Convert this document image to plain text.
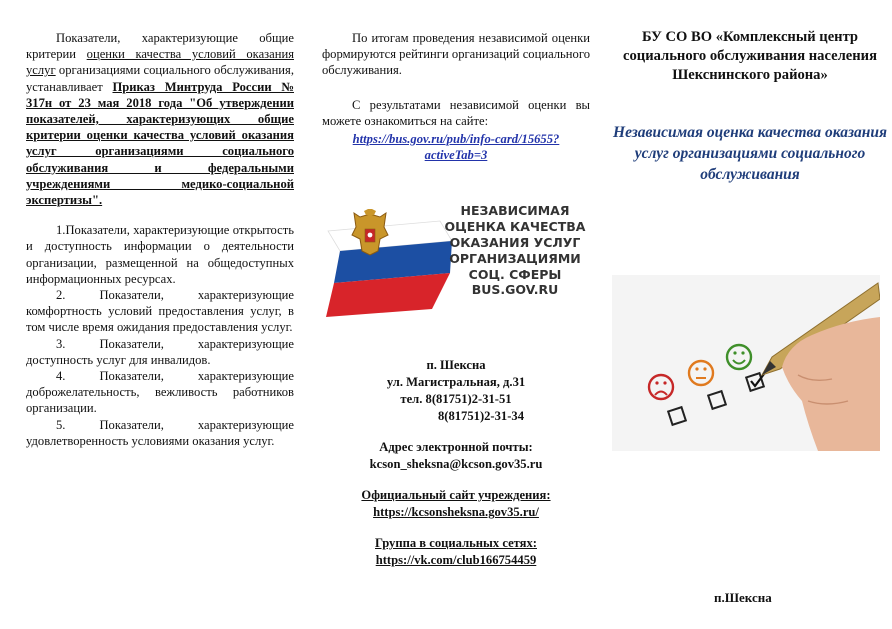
Показатели, характеризующие общие критерии оценки качества условий оказания услуг организациями социального обслуживания, устанавливает Приказ Минтруда России № 317н от 23 мая 2018 года "Об утверждении показателей, характеризующих общие критерии оценки качества условий оказания услуг организациями социального обслуживания и федеральными учреждениями медико-социальной экспертизы".

1.Показатели, характеризующие открытость и доступность информации о деятельности организации, размещенной на общедоступных информационных ресурсах.

2. Показатели, характеризующие комфортность условий предоставления услуг, в том числе время ожидания предоставления услуг.

3. Показатели, характеризующие доступность услуг для инвалидов.

4. Показатели, характеризующие доброжелательность, вежливость работников организации.

5. Показатели, характеризующие удовлетворенность условиями оказания услуг.

По итогам проведения независимой оценки формируются рейтинги организаций социального обслуживания.

С результатами независимой оценки вы можете ознакомиться на сайте:

https://bus.gov.ru/pub/info-card/15655?activeTab=3
НЕЗАВИСИМАЯ
ОЦЕНКА КАЧЕСТВА
ОКАЗАНИЯ УСЛУГ
ОРГАНИЗАЦИЯМИ
СОЦ. СФЕРЫ
BUS.GOV.RU
п. Шексна
ул. Магистральная, д.31
тел. 8(81751)2-31-51
8(81751)2-31-34
Адрес электронной почты:
kcson_sheksna@kcson.gov35.ru
Официальный сайт учреждения:
https://kcsonsheksna.gov35.ru/
Группа в социальных сетях:
https://vk.com/club166754459
БУ СО ВО «Комплексный центр социального обслуживания населения Шекснинского района»
Независимая оценка качества оказания услуг организациями социального обслуживания
п.Шексна
